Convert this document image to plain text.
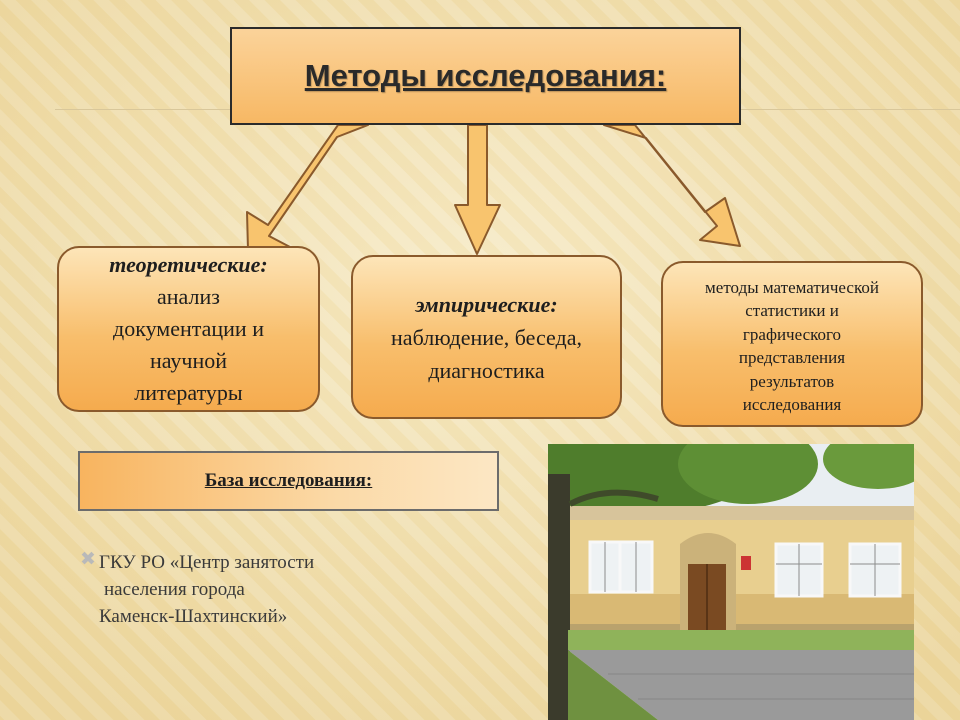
Методы исследования:
теоретические:
анализ
документации и
научной
литературы
эмпирические:
наблюдение, беседа,
диагностика
методы математической
статистики и
графического
представления
результатов
исследования
База исследования:
✖ ГКУ РО «Центр занятости
населения города
Каменск-Шахтинский»
